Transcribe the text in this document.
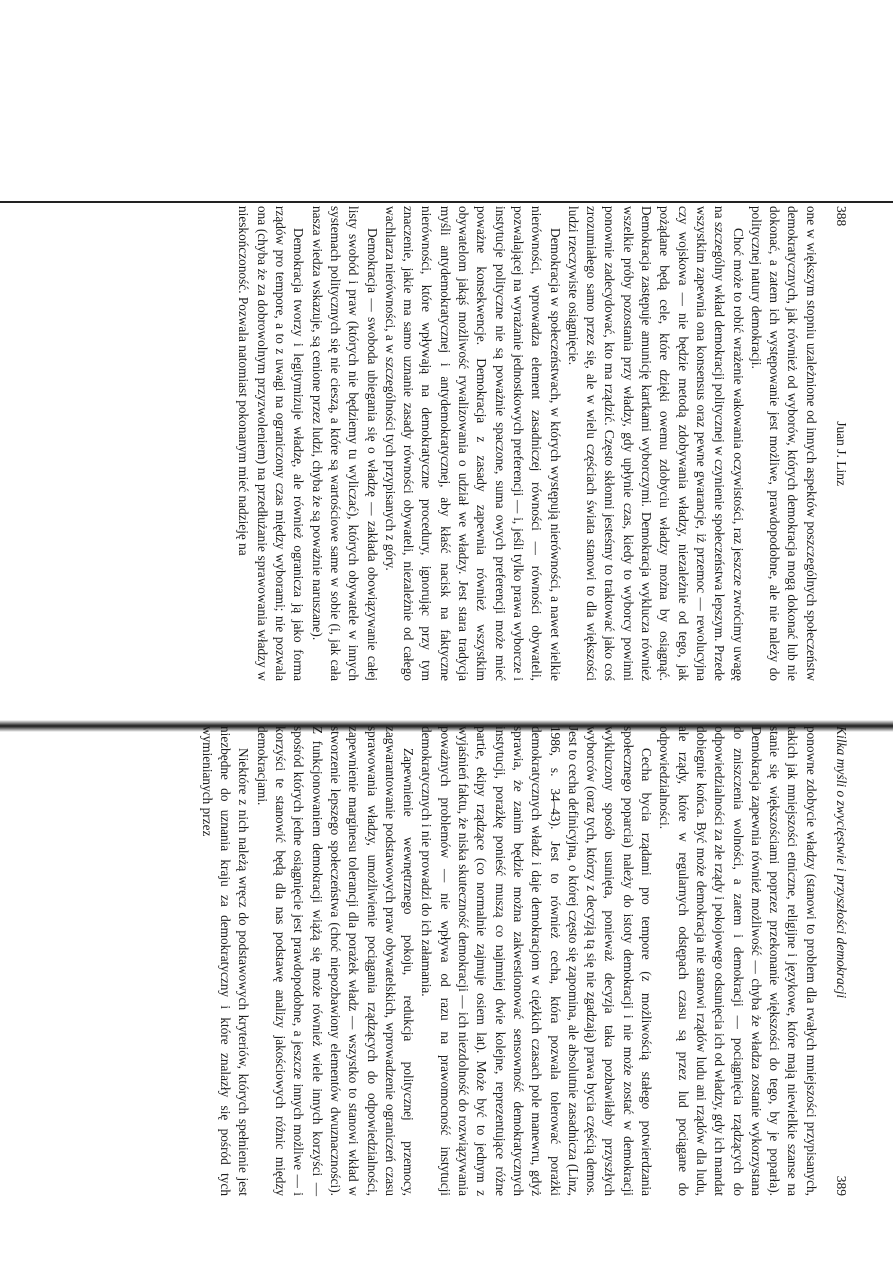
388
Juan J. Linz

one w większym stopniu uzależnione od innych aspektów poszczególnych społeczeństw demokratycznych, jak również od wyborów, których demokracja mogą dokonać lub nie dokonać, a zatem ich występowanie jest możliwe, prawdopodobne, ale nie należy do politycznej natury demokracji.

Choć może to robić wrażenie wakowania oczywistości, raz jeszcze zwrócimy uwagę na szczególny wkład demokracji politycznej w czynienie społeczeństwa lepszym. Przede wszystkim zapewnia ona konsensus oraz pewne gwarancje, iż przemoc — rewolucyjna czy wojskowa — nie będzie metodą zdobywania władzy, niezależnie od tego, jak pożądane będą cele, które dzięki owemu zdobyciu władzy można by osiągnąć. Demokracja zastępuje amunicję kartkami wyborczymi. Demokracja wyklucza również wszelkie próby pozostania przy władzy, gdy upłynie czas, kiedy to wyborcy powinni ponownie zadecydować, kto ma rządzić. Często skłonni jesteśmy to traktować jako coś zrozumiałego samo przez się, ale w wielu częściach świata stanowi to dla większości ludzi rzeczywiste osiągnięcie.

Demokracja w społeczeństwach, w których występują nierówności, a nawet wielkie nierówności, wprowadza element zasadniczej równości — równości obywateli, pozwalającej na wyrażanie jednostkowych preferencji — i, jeśli tylko prawa wyborcze i instytucje polityczne nie są poważnie spaczone, suma owych preferencji może mieć poważne konsekwencje. Demokracja z zasady zapewnia również wszystkim obywatelom jakąś możliwość rywalizowania o udział we władzy. Jest stara tradycja myśli antydemokratycznej i antydemokratycznej, aby kłaść nacisk na faktyczne nierówności, które wpływają na demokratyczne procedury, ignorując przy tym znaczenie, jakie ma samo uznanie zasady równości obywateli, niezależnie od całego wachlarza nierówności, a w szczególności tych przypisanych z góry.

Demokracja — swoboda ubiegania się o władzę — zakłada obowiązywanie całej listy swobód i praw (których nie będziemy tu wyliczać), których obywatele w innych systemach politycznych się nie cieszą, a które są wartościowe same w sobie (i, jak cała nasza wiedza wskazuje, są cenione przez ludzi, chyba że są poważnie naruszane).

Demokracja tworzy i legitymizuje władzę, ale również ogranicza ją jako forma rządów pro tempore, a to z uwagi na ograniczony czas między wyborami; nie pozwala ona (chyba że za dobrowolnym przyzwoleniem) na przedłużanie sprawowania władzy w nieskończoność. Pozwala natomiast pokonanym mieć nadzieję na

Kilka myśli o zwycięstwie i przyszłości demokracji
389

ponowne zdobycie władzy (stanowi to problem dla rwałych mniejszości przypisanych, takich jak mniejszości etniczne, religijne i językowe, które mają niewielkie szanse na stanie się większościami poprzez przekonanie większości do tego, by je poparła). Demokracja zapewnia również możliwość — chyba że władza zostanie wykorzystana do zniszczenia wolności, a zatem i demokracji — pociągnięcia rządzących do odpowiedzialności za złe rządy i pokojowego odsunięcia ich od władzy, gdy ich mandat dobiegnie końca. Być może demokracja nie stanowi rządów ludu ani rządów dla ludu, ale rządy, które w regularnych odstępach czasu są przez lud pociągane do odpowiedzialności.

Cecha bycia rządami pro tempore (z możliwością stałego potwierdzania społecznego poparcia) należy do istoty demokracji i nie może zostać w demokracji wykluczony sposób usunięta, ponieważ decyzja taka pozbawiłaby przyszłych wyborców (oraz tych, którzy z decyzją tą się nie zgadzają) prawa bycia częścią demos. Jest to cecha definicyjna, o której często się zapomina, ale absolutnie zasadnicza (Linz, 1986, s. 34–43). Jest to również cecha, która pozwala tolerować porażki demokratycznych władz i daje demokracjom w ciężkich czasach pole manewru, gdyż sprawia, że zanim będzie można zakwestionować sensowność demokratycznych instytucji, porażkę ponieść muszą co najmniej dwie kolejne, reprezentujące różne partie, ekipy rządzące (co normalnie zajmuje osiem lat). Może być to jednym z wyjaśnień faktu, że niska skuteczność demokracji — ich niezdolność do rozwiązywania poważnych problemów — nie wpływa od razu na prawomocność instytucji demokratycznych i nie prowadzi do ich załamania.

Zapewnienie wewnętrznego pokoju, redukcja politycznej przemocy, zagwarantowanie podstawowych praw obywatelskich, wprowadzenie ograniczeń czasu sprawowania władzy, umożliwienie pociągania rządzących do odpowiedzialności, zapewnienie marginesu tolerancji dla porażek władz — wszystko to stanowi wkład w stworzenie lepszego społeczeństwa (choć niepozbawiony elementów dwuznaczności). Z funkcjonowaniem demokracji wiążą się może również wiele innych korzyści — spośród których jedne osiągnięcie jest prawdopodobne, a jeszcze innych możliwe — i korzyści te stanowić będą dla nas podstawę analizy jakościowych różnic między demokracjami.

Niektóre z nich należą wręcz do podstawowych kryteriów, których spełnienie jest niezbędne do uznania kraju za demokratyczny i które znalazły się pośród tych wymienianych przez
